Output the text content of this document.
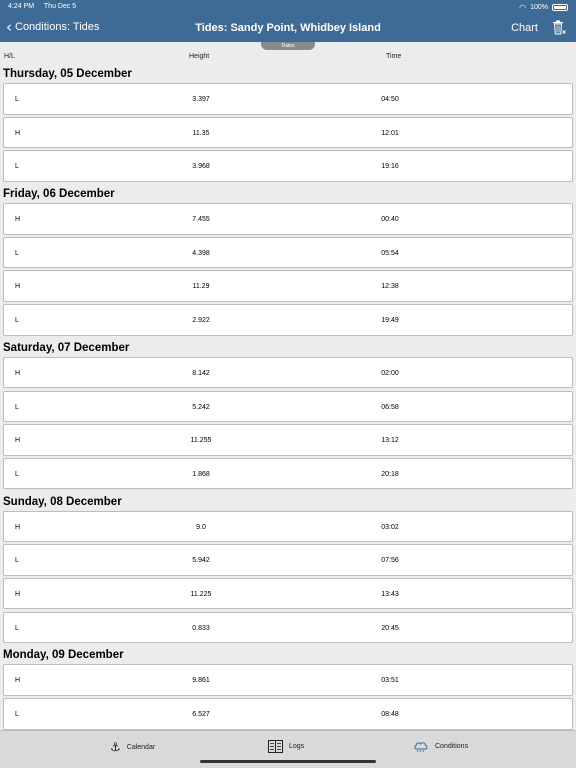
4:24 PM Thu Dec 5	◠ 100%
‹ Conditions: Tides	Tides: Sandy Point, Whidbey Island	Chart
Dates
H/L	Height	Time
Thursday, 05 December
L	3.397	04:50
H	11.35	12:01
L	3.968	19:16
Friday, 06 December
H	7.455	00:40
L	4.398	05:54
H	11.29	12:38
L	2.922	19:49
Saturday, 07 December
H	8.142	02:00
L	5.242	06:58
H	11.255	13:12
L	1.868	20:18
Sunday, 08 December
H	9.0	03:02
L	5.942	07:56
H	11.225	13:43
L	0.833	20:45
Monday, 09 December
H	9.861	03:51
L	6.527	08:48
⚓ Calendar	Logs	Conditions
